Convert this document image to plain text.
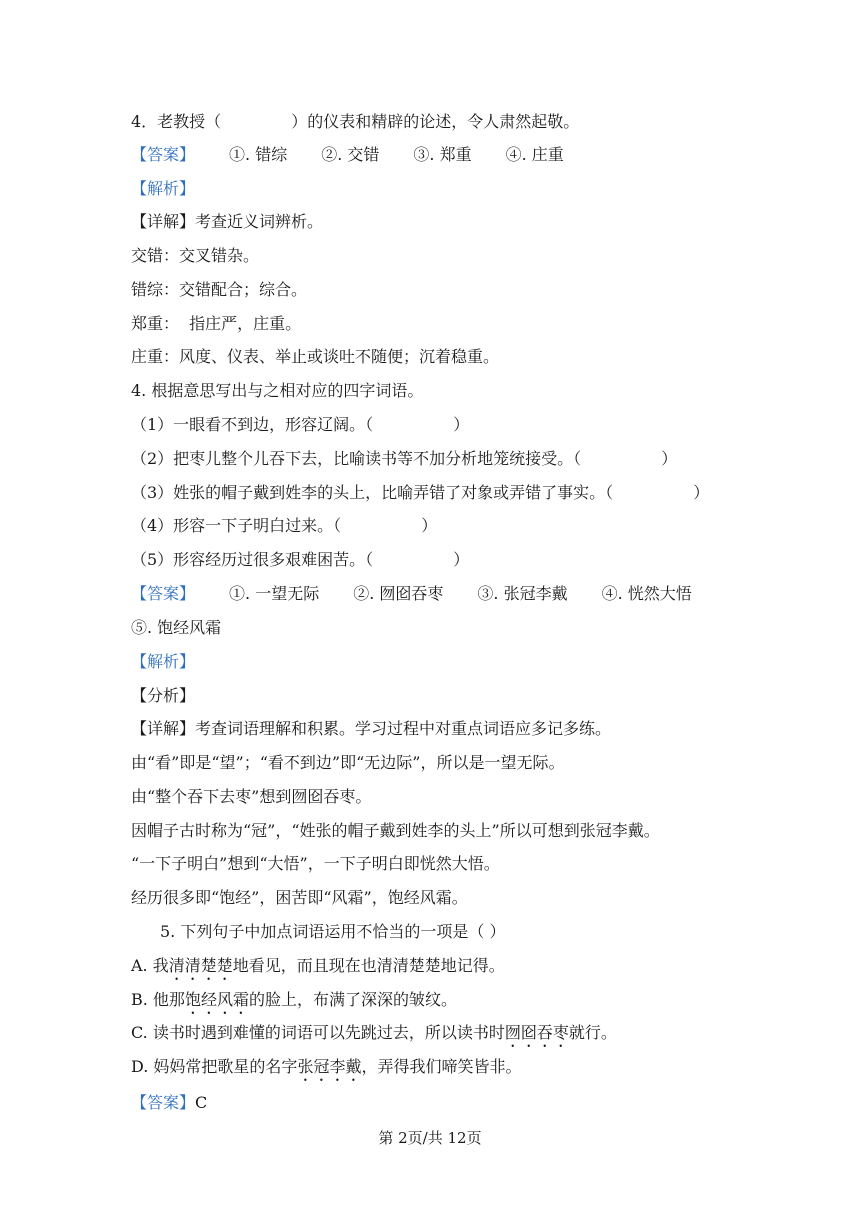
4．老教授（	）的仪表和精辟的论述，令人肃然起敬。
【答案】 ①. 错综 ②. 交错 ③. 郑重 ④. 庄重
【解析】
【详解】考查近义词辨析。
交错：交叉错杂。
错综：交错配合；综合。
郑重：  指庄严，庄重。
庄重：风度、仪表、举止或谈吐不随便；沉着稳重。
4. 根据意思写出与之相对应的四字词语。
（1）一眼看不到边，形容辽阔。（	）
（2）把枣儿整个儿吞下去，比喻读书等不加分析地笼统接受。（	）
（3）姓张的帽子戴到姓李的头上，比喻弄错了对象或弄错了事实。（	）
（4）形容一下子明白过来。（	）
（5）形容经历过很多艰难困苦。（	）
【答案】 ①. 一望无际 ②. 囫囵吞枣 ③. 张冠李戴 ④. 恍然大悟
⑤. 饱经风霜
【解析】
【分析】
【详解】考查词语理解和积累。学习过程中对重点词语应多记多练。
由“看”即是“望”；“看不到边”即“无边际”，所以是一望无际。
由“整个吞下去枣”想到囫囵吞枣。
因帽子古时称为“冠”，“姓张的帽子戴到姓李的头上”所以可想到张冠李戴。
“一下子明白”想到“大悟”，一下子明白即恍然大悟。
经历很多即“饱经”，困苦即“风霜”，饱经风霜。
5. 下列句子中加点词语运用不恰当的一项是（ ）
A. 我清清楚楚地看见，而且现在也清清楚楚地记得。
B. 他那饱经风霜的脸上，布满了深深的皱纹。
C. 读书时遇到难懂的词语可以先跳过去，所以读书时囫囵吞枣就行。
D. 妈妈常把歌星的名字张冠李戴，弄得我们啼笑皆非。
【答案】C
第 2页/共 12页
